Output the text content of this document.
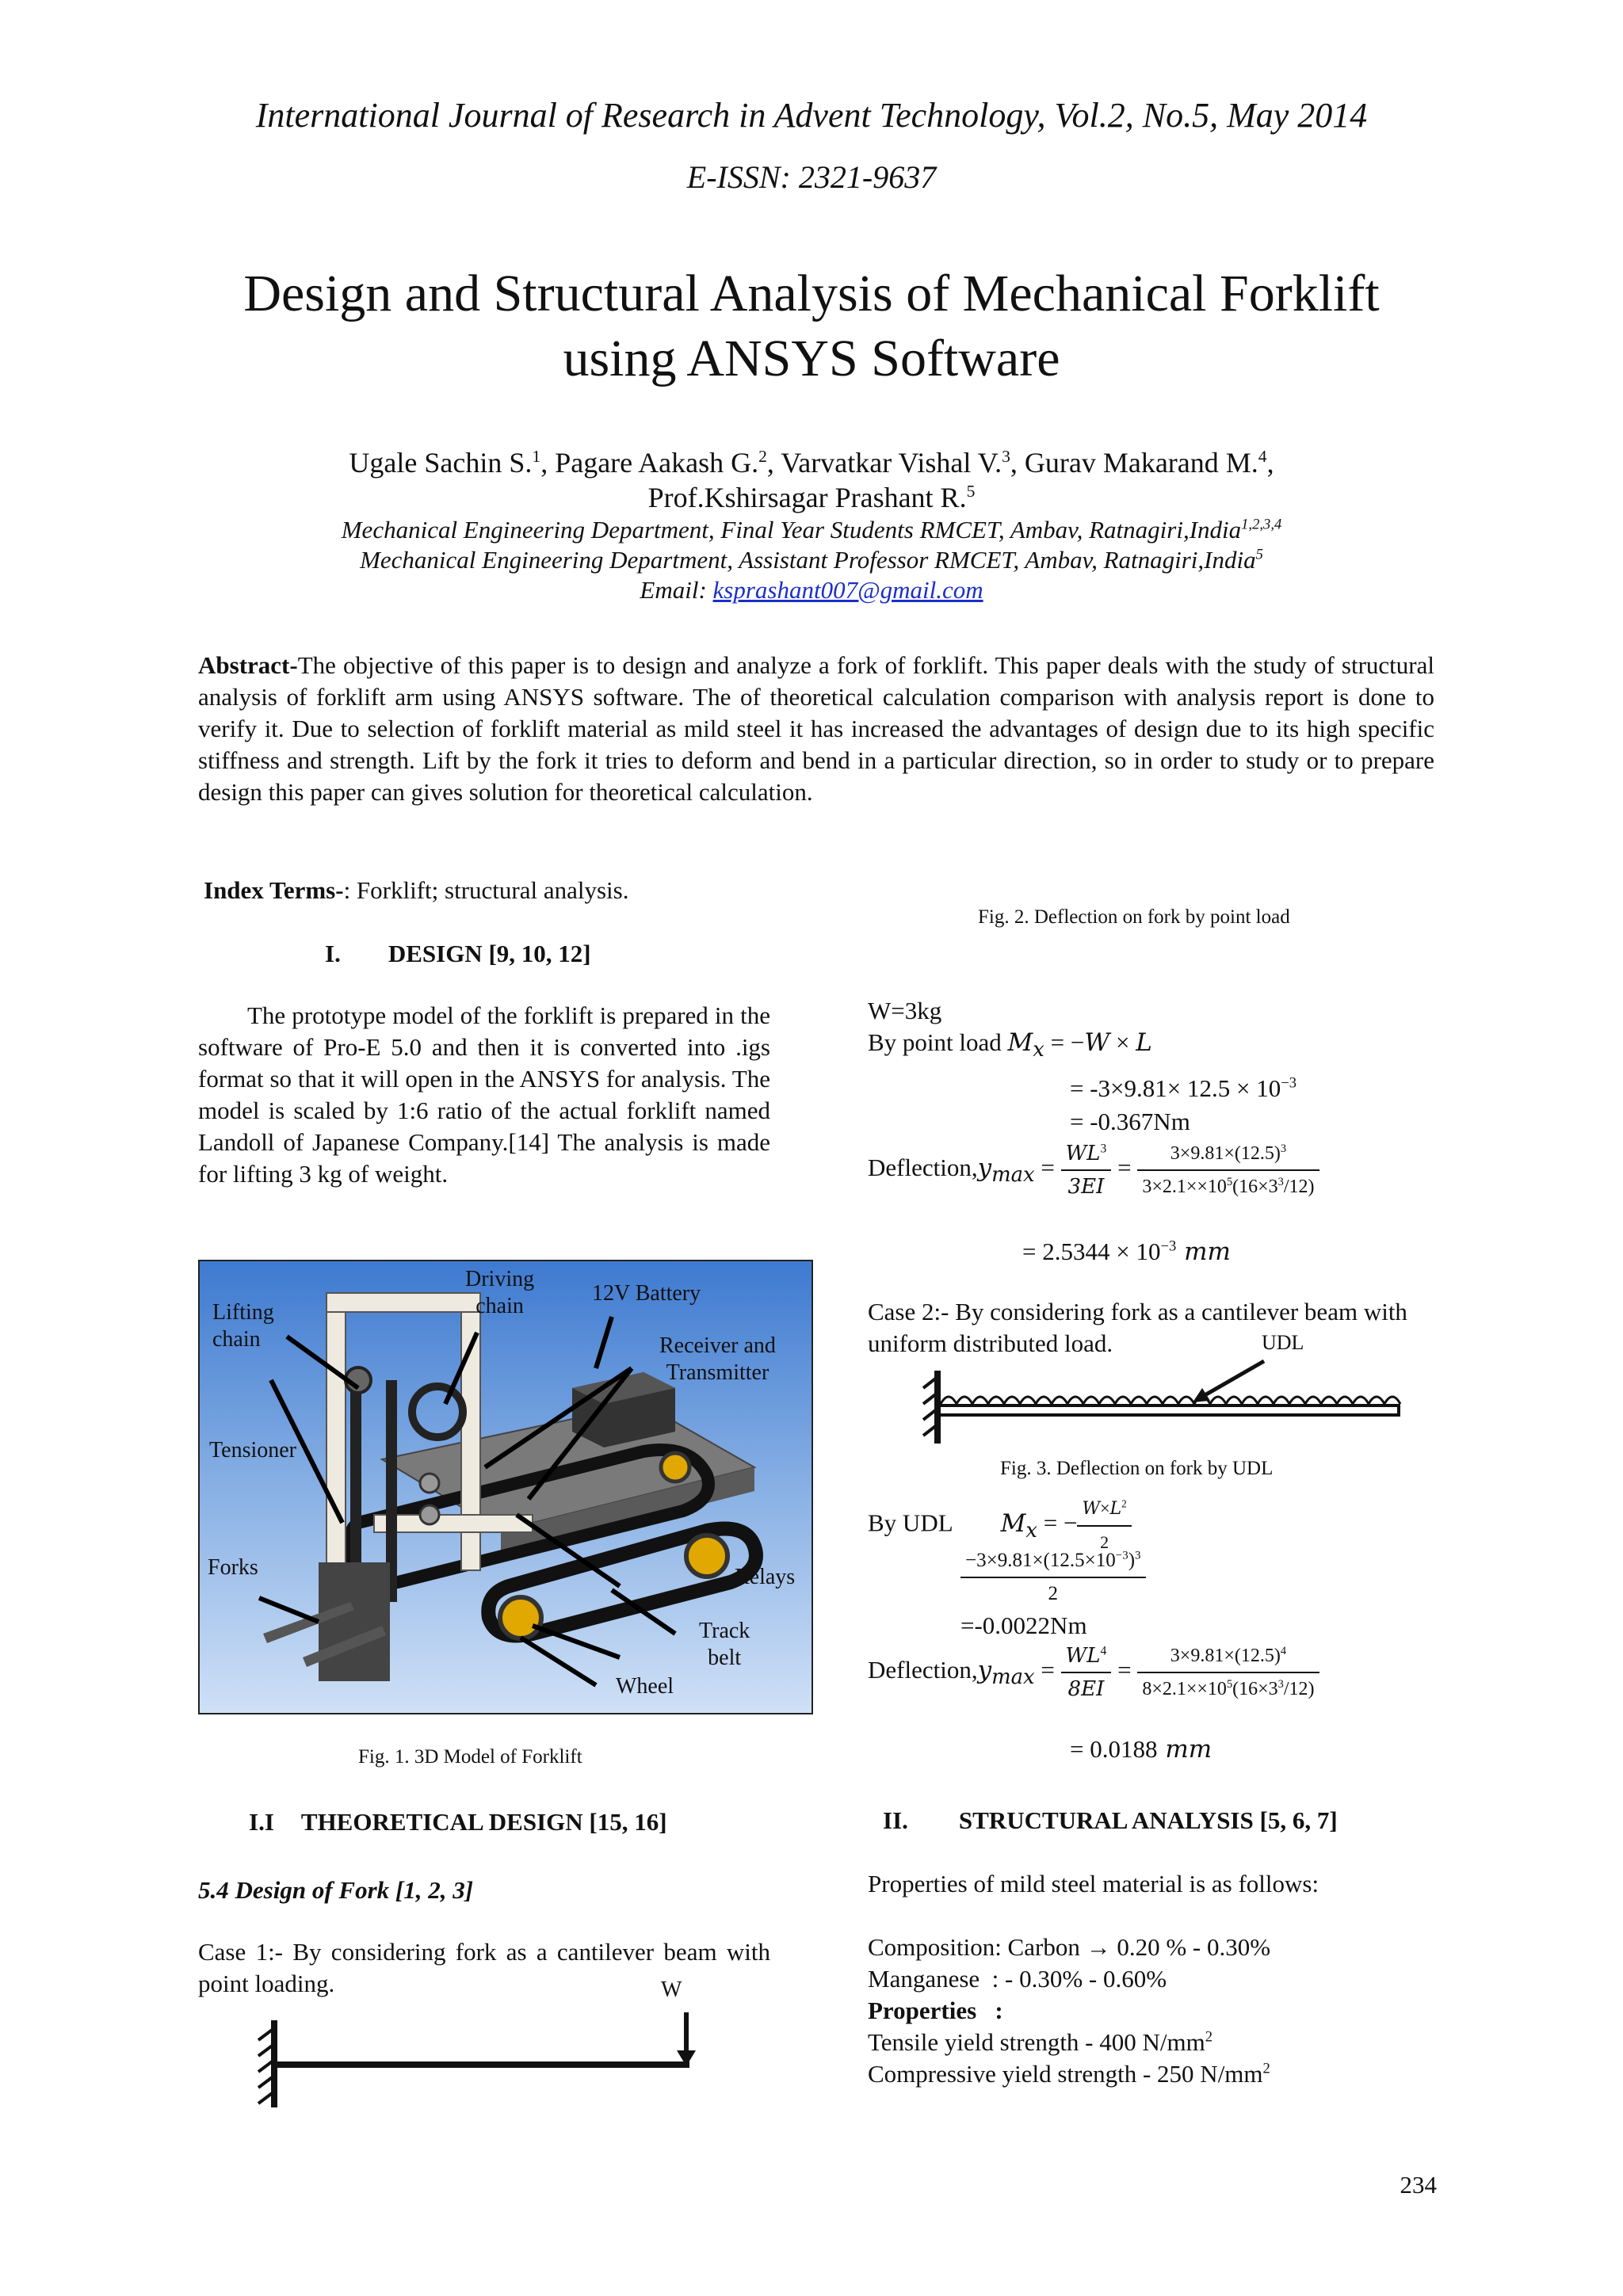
International Journal of Research in Advent Technology, Vol.2, No.5, May 2014
E-ISSN: 2321-9637
Design and Structural Analysis of Mechanical Forklift
using ANSYS Software
Ugale Sachin S.$^1$, Pagare Aakash G.$^2$, Varvatkar Vishal V.$^3$, Gurav Makarand M.$^4$,
Prof.Kshirsagar Prashant R.$^5$
Mechanical Engineering Department, Final Year Students RMCET, Ambav, Ratnagiri,India$^{1,2,3,4}$
Mechanical Engineering Department, Assistant Professor RMCET, Ambav, Ratnagiri,India$^5$
Email: ksprashant007@gmail.com
Abstract-The objective of this paper is to design and analyze a fork of forklift. This paper deals with the study of structural analysis of forklift arm using ANSYS software. The of theoretical calculation comparison with analysis report is done to verify it. Due to selection of forklift material as mild steel it has increased the advantages of design due to its high specific stiffness and strength. Lift by the fork it tries to deform and bend in a particular direction, so in order to study or to prepare design this paper can gives solution for theoretical calculation.
Index Terms-: Forklift; structural analysis.
I. DESIGN [9, 10, 12]
The prototype model of the forklift is prepared in the software of Pro-E 5.0 and then it is converted into .igs format so that it will open in the ANSYS for analysis. The model is scaled by 1:6 ratio of the actual forklift named Landoll of Japanese Company.[14] The analysis is made for lifting 3 kg of weight.
Lifting
chain
Driving
chain
12V Battery
Receiver and
Transmitter
Tensioner
Forks	Relays
Track
belt
Wheel
Fig. 1. 3D Model of Forklift
I.I THEORETICAL DESIGN [15, 16]
5.4 Design of Fork [1, 2, 3]
Case 1:- By considering fork as a cantilever beam with point loading.	W
Fig. 2. Deflection on fork by point load
W=3kg
By point load $M_x = -W \times L$
= $-3\times 9.81\times 12.5 \times 10^{-3}$
= -0.367Nm
$Deflection,y_{max} = \frac{WL^3}{3EI} = \frac{3\times 9.81\times(12.5)^3}{3\times 2.1\times\times 10^5(16\times 3^3/12)}$
= $2.5344 \times 10^{-3}$ mm
Case 2:- By considering fork as a cantilever beam with uniform distributed load.	UDL
Fig. 3. Deflection on fork by UDL
By UDL $M_x$ = − $\frac{W\times L^2}{2}$
$\frac{-3\times 9.81\times(12.5\times 10^{-3})^3}{2}$
=-0.0022Nm
$Deflection,y_{max} = \frac{WL^4}{8EI} = \frac{3\times 9.81\times(12.5)^4}{8\times 2.1\times\times 10^5(16\times 3^3/12)}$
= 0.0188 mm
II. STRUCTURAL ANALYSIS [5, 6, 7]
Properties of mild steel material is as follows:
Composition: Carbon → 0.20 % - 0.30%
Manganese  : - 0.30% - 0.60%
Properties   :
Tensile yield strength - 400 $N/mm^2$
Compressive yield strength - 250 $N/mm^2$
234
